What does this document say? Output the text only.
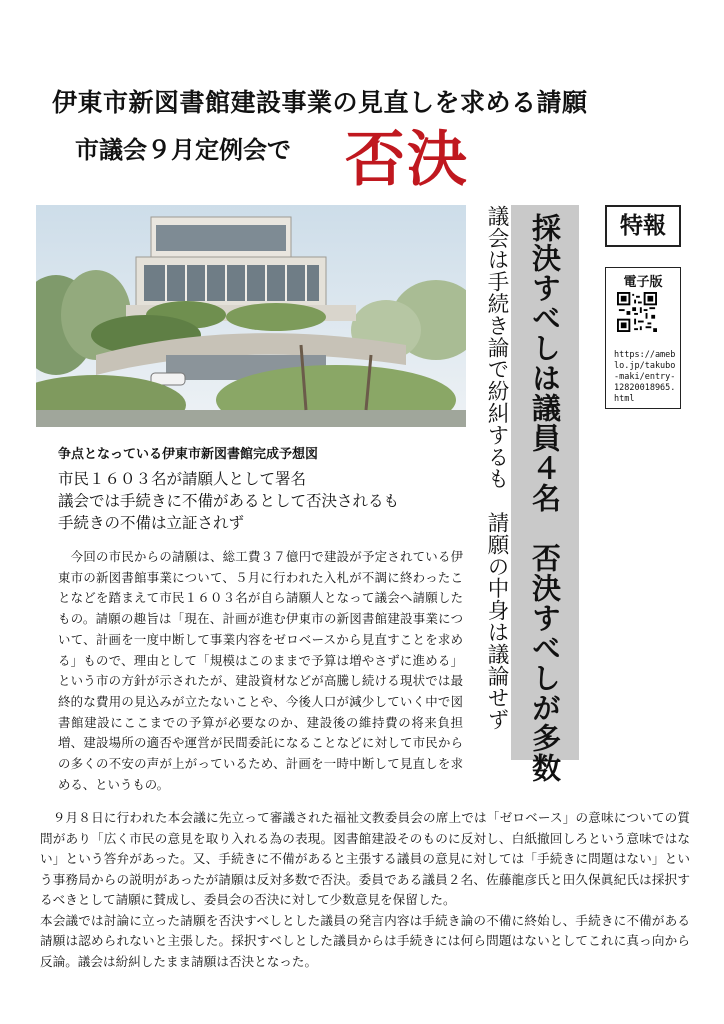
伊東市新図書館建設事業の見直しを求める請願
市議会９月定例会で 否決
争点となっている伊東市新図書館完成予想図
市民１６０３名が請願人として署名
議会では手続きに不備があるとして否決されるも
手続きの不備は立証されず
　今回の市民からの請願は、総工費３７億円で建設が予定されている伊東市の新図書館事業について、５月に行われた入札が不調に終わったことなどを踏まえて市民１６０３名が自ら請願人となって議会へ請願したもの。請願の趣旨は「現在、計画が進む伊東市の新図書館建設事業について、計画を一度中断して事業内容をゼロベースから見直すことを求める」もので、理由として「規模はこのままで予算は増やさずに進める」という市の方針が示されたが、建設資材などが高騰し続ける現状では最終的な費用の見込みが立たないことや、今後人口が減少していく中で図書館建設にここまでの予算が必要なのか、建設後の維持費の将来負担増、建設場所の適否や運営が民間委託になることなどに対して市民からの多くの不安の声が上がっているため、計画を一時中断して見直しを求める、というもの。
議会は手続き論で紛糾するも　請願の中身は議論せず 採決すべしは議員４名　否決すべしが多数	特報
電子版
https://ameblo.jp/takubo-maki/entry-12820018965.html
　９月８日に行われた本会議に先立って審議された福祉文教委員会の席上では「ゼロベース」の意味についての質問があり「広く市民の意見を取り入れる為の表現。図書館建設そのものに反対し、白紙撤回しろという意味ではない」という答弁があった。又、手続きに不備があると主張する議員の意見に対しては「手続きに問題はない」という事務局からの説明があったが請願は反対多数で否決。委員である議員２名、佐藤龍彦氏と田久保眞紀氏は採択するべきとして請願に賛成し、委員会の否決に対して少数意見を保留した。
本会議では討論に立った請願を否決すべしとした議員の発言内容は手続き論の不備に終始し、手続きに不備がある請願は認められないと主張した。採択すべしとした議員からは手続きには何ら問題はないとしてこれに真っ向から反論。議会は紛糾したまま請願は否決となった。
